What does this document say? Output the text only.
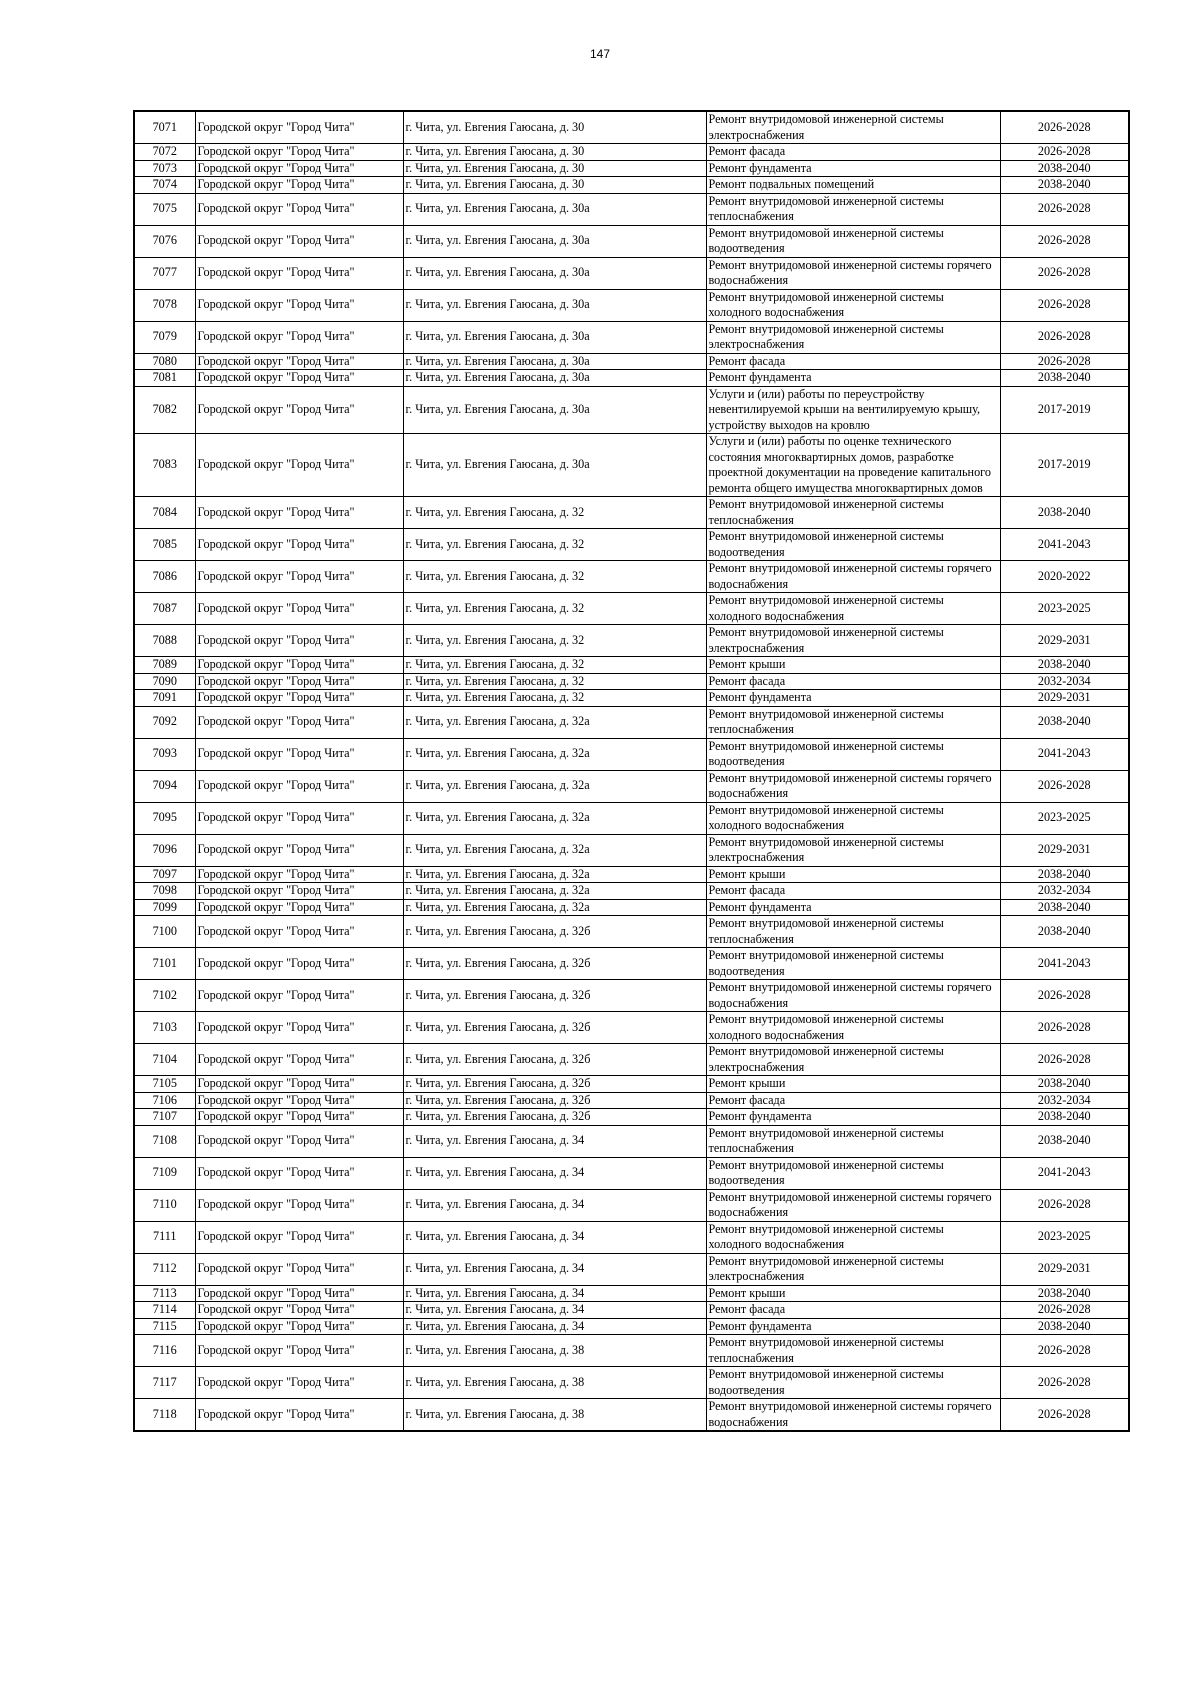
147
7071	Городской округ "Город Чита"	г. Чита, ул. Евгения Гаюсана, д. 30	Ремонт внутридомовой инженерной системы электроснабжения	2026-2028
7072	Городской округ "Город Чита"	г. Чита, ул. Евгения Гаюсана, д. 30	Ремонт фасада	2026-2028
7073	Городской округ "Город Чита"	г. Чита, ул. Евгения Гаюсана, д. 30	Ремонт фундамента	2038-2040
7074	Городской округ "Город Чита"	г. Чита, ул. Евгения Гаюсана, д. 30	Ремонт подвальных помещений	2038-2040
7075	Городской округ "Город Чита"	г. Чита, ул. Евгения Гаюсана, д. 30а	Ремонт внутридомовой инженерной системы теплоснабжения	2026-2028
7076	Городской округ "Город Чита"	г. Чита, ул. Евгения Гаюсана, д. 30а	Ремонт внутридомовой инженерной системы водоотведения	2026-2028
7077	Городской округ "Город Чита"	г. Чита, ул. Евгения Гаюсана, д. 30а	Ремонт внутридомовой инженерной системы горячего водоснабжения	2026-2028
7078	Городской округ "Город Чита"	г. Чита, ул. Евгения Гаюсана, д. 30а	Ремонт внутридомовой инженерной системы холодного водоснабжения	2026-2028
7079	Городской округ "Город Чита"	г. Чита, ул. Евгения Гаюсана, д. 30а	Ремонт внутридомовой инженерной системы электроснабжения	2026-2028
7080	Городской округ "Город Чита"	г. Чита, ул. Евгения Гаюсана, д. 30а	Ремонт фасада	2026-2028
7081	Городской округ "Город Чита"	г. Чита, ул. Евгения Гаюсана, д. 30а	Ремонт фундамента	2038-2040
7082	Городской округ "Город Чита"	г. Чита, ул. Евгения Гаюсана, д. 30а	Услуги и (или) работы по переустройству невентилируемой крыши на вентилируемую крышу, устройству выходов на кровлю	2017-2019
7083	Городской округ "Город Чита"	г. Чита, ул. Евгения Гаюсана, д. 30а	Услуги и (или) работы по оценке технического состояния многоквартирных домов, разработке проектной документации на проведение капитального ремонта общего имущества многоквартирных домов	2017-2019
7084	Городской округ "Город Чита"	г. Чита, ул. Евгения Гаюсана, д. 32	Ремонт внутридомовой инженерной системы теплоснабжения	2038-2040
7085	Городской округ "Город Чита"	г. Чита, ул. Евгения Гаюсана, д. 32	Ремонт внутридомовой инженерной системы водоотведения	2041-2043
7086	Городской округ "Город Чита"	г. Чита, ул. Евгения Гаюсана, д. 32	Ремонт внутридомовой инженерной системы горячего водоснабжения	2020-2022
7087	Городской округ "Город Чита"	г. Чита, ул. Евгения Гаюсана, д. 32	Ремонт внутридомовой инженерной системы холодного водоснабжения	2023-2025
7088	Городской округ "Город Чита"	г. Чита, ул. Евгения Гаюсана, д. 32	Ремонт внутридомовой инженерной системы электроснабжения	2029-2031
7089	Городской округ "Город Чита"	г. Чита, ул. Евгения Гаюсана, д. 32	Ремонт крыши	2038-2040
7090	Городской округ "Город Чита"	г. Чита, ул. Евгения Гаюсана, д. 32	Ремонт фасада	2032-2034
7091	Городской округ "Город Чита"	г. Чита, ул. Евгения Гаюсана, д. 32	Ремонт фундамента	2029-2031
7092	Городской округ "Город Чита"	г. Чита, ул. Евгения Гаюсана, д. 32а	Ремонт внутридомовой инженерной системы теплоснабжения	2038-2040
7093	Городской округ "Город Чита"	г. Чита, ул. Евгения Гаюсана, д. 32а	Ремонт внутридомовой инженерной системы водоотведения	2041-2043
7094	Городской округ "Город Чита"	г. Чита, ул. Евгения Гаюсана, д. 32а	Ремонт внутридомовой инженерной системы горячего водоснабжения	2026-2028
7095	Городской округ "Город Чита"	г. Чита, ул. Евгения Гаюсана, д. 32а	Ремонт внутридомовой инженерной системы холодного водоснабжения	2023-2025
7096	Городской округ "Город Чита"	г. Чита, ул. Евгения Гаюсана, д. 32а	Ремонт внутридомовой инженерной системы электроснабжения	2029-2031
7097	Городской округ "Город Чита"	г. Чита, ул. Евгения Гаюсана, д. 32а	Ремонт крыши	2038-2040
7098	Городской округ "Город Чита"	г. Чита, ул. Евгения Гаюсана, д. 32а	Ремонт фасада	2032-2034
7099	Городской округ "Город Чита"	г. Чита, ул. Евгения Гаюсана, д. 32а	Ремонт фундамента	2038-2040
7100	Городской округ "Город Чита"	г. Чита, ул. Евгения Гаюсана, д. 32б	Ремонт внутридомовой инженерной системы теплоснабжения	2038-2040
7101	Городской округ "Город Чита"	г. Чита, ул. Евгения Гаюсана, д. 32б	Ремонт внутридомовой инженерной системы водоотведения	2041-2043
7102	Городской округ "Город Чита"	г. Чита, ул. Евгения Гаюсана, д. 32б	Ремонт внутридомовой инженерной системы горячего водоснабжения	2026-2028
7103	Городской округ "Город Чита"	г. Чита, ул. Евгения Гаюсана, д. 32б	Ремонт внутридомовой инженерной системы холодного водоснабжения	2026-2028
7104	Городской округ "Город Чита"	г. Чита, ул. Евгения Гаюсана, д. 32б	Ремонт внутридомовой инженерной системы электроснабжения	2026-2028
7105	Городской округ "Город Чита"	г. Чита, ул. Евгения Гаюсана, д. 32б	Ремонт крыши	2038-2040
7106	Городской округ "Город Чита"	г. Чита, ул. Евгения Гаюсана, д. 32б	Ремонт фасада	2032-2034
7107	Городской округ "Город Чита"	г. Чита, ул. Евгения Гаюсана, д. 32б	Ремонт фундамента	2038-2040
7108	Городской округ "Город Чита"	г. Чита, ул. Евгения Гаюсана, д. 34	Ремонт внутридомовой инженерной системы теплоснабжения	2038-2040
7109	Городской округ "Город Чита"	г. Чита, ул. Евгения Гаюсана, д. 34	Ремонт внутридомовой инженерной системы водоотведения	2041-2043
7110	Городской округ "Город Чита"	г. Чита, ул. Евгения Гаюсана, д. 34	Ремонт внутридомовой инженерной системы горячего водоснабжения	2026-2028
7111	Городской округ "Город Чита"	г. Чита, ул. Евгения Гаюсана, д. 34	Ремонт внутридомовой инженерной системы холодного водоснабжения	2023-2025
7112	Городской округ "Город Чита"	г. Чита, ул. Евгения Гаюсана, д. 34	Ремонт внутридомовой инженерной системы электроснабжения	2029-2031
7113	Городской округ "Город Чита"	г. Чита, ул. Евгения Гаюсана, д. 34	Ремонт крыши	2038-2040
7114	Городской округ "Город Чита"	г. Чита, ул. Евгения Гаюсана, д. 34	Ремонт фасада	2026-2028
7115	Городской округ "Город Чита"	г. Чита, ул. Евгения Гаюсана, д. 34	Ремонт фундамента	2038-2040
7116	Городской округ "Город Чита"	г. Чита, ул. Евгения Гаюсана, д. 38	Ремонт внутридомовой инженерной системы теплоснабжения	2026-2028
7117	Городской округ "Город Чита"	г. Чита, ул. Евгения Гаюсана, д. 38	Ремонт внутридомовой инженерной системы водоотведения	2026-2028
7118	Городской округ "Город Чита"	г. Чита, ул. Евгения Гаюсана, д. 38	Ремонт внутридомовой инженерной системы горячего водоснабжения	2026-2028
